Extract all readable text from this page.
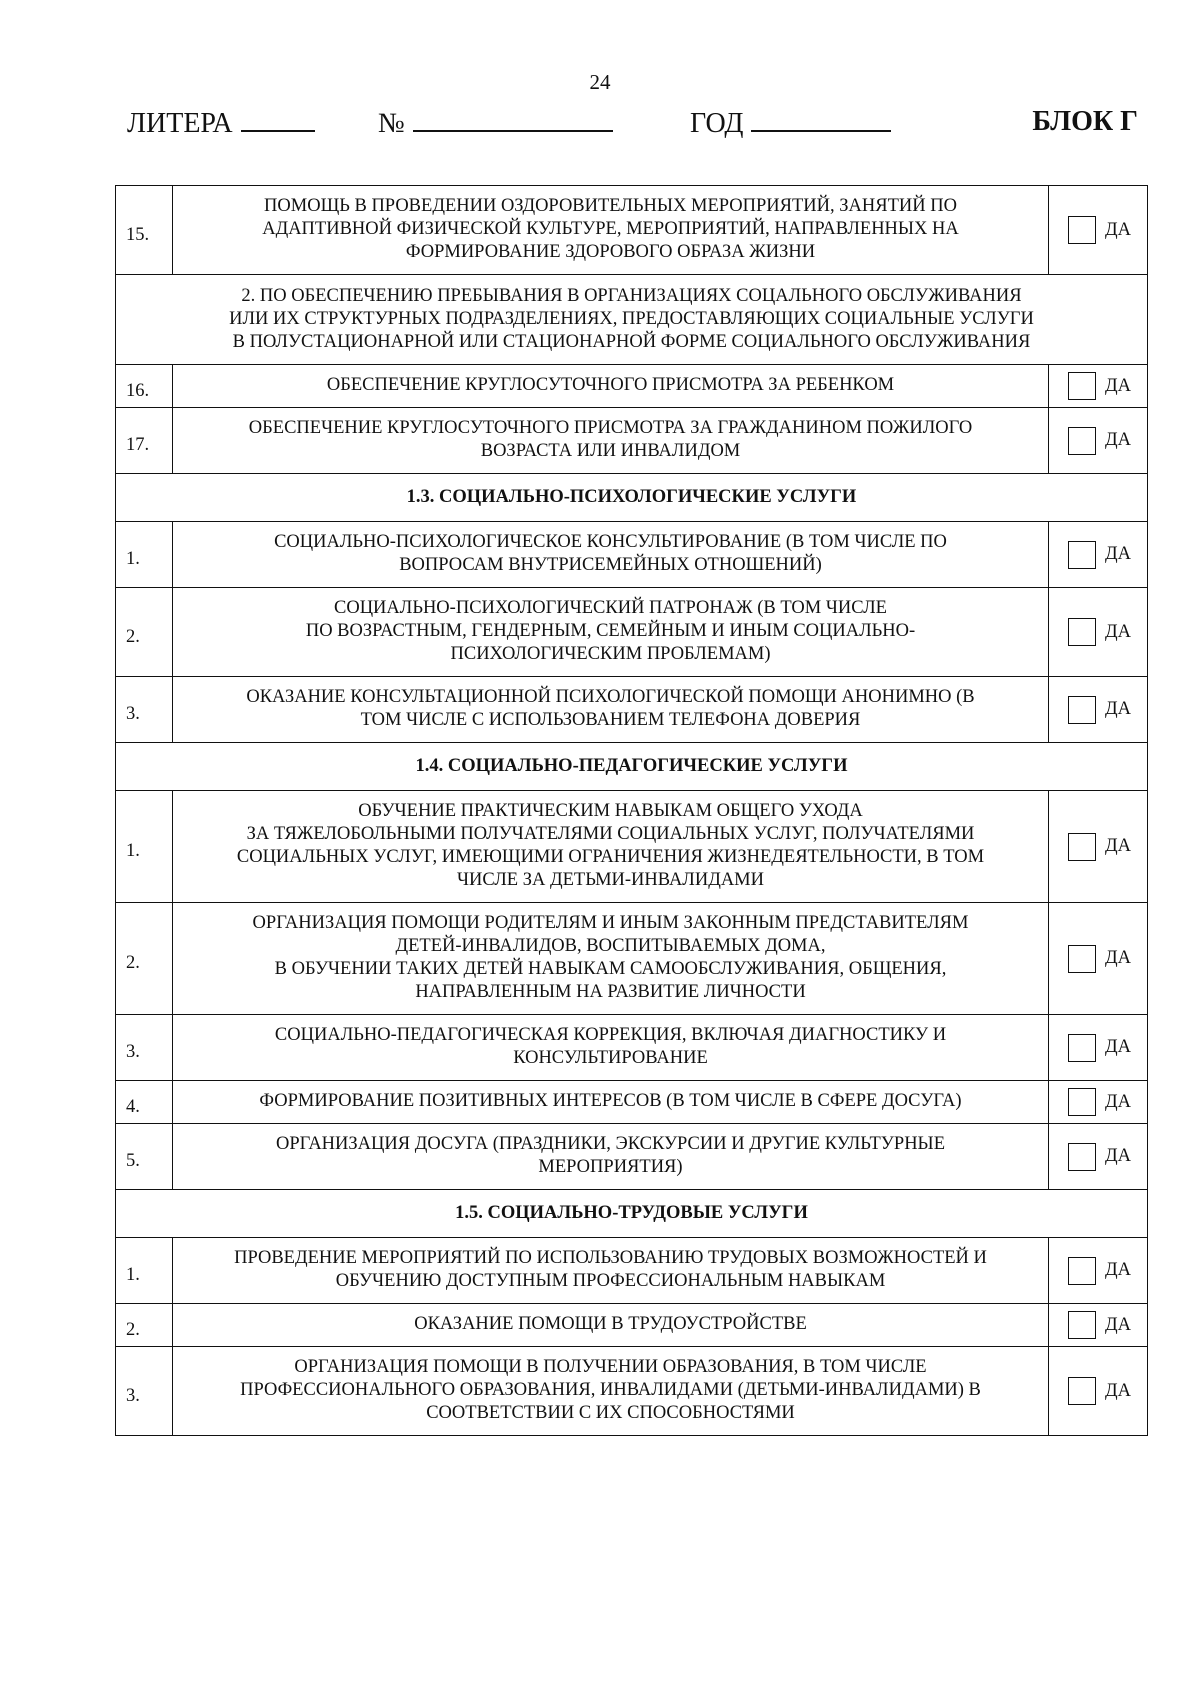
24
ЛИТЕРА	№	ГОД	БЛОК Г
15.	ПОМОЩЬ В ПРОВЕДЕНИИ ОЗДОРОВИТЕЛЬНЫХ МЕРОПРИЯТИЙ, ЗАНЯТИЙ ПО
АДАПТИВНОЙ ФИЗИЧЕСКОЙ КУЛЬТУРЕ, МЕРОПРИЯТИЙ, НАПРАВЛЕННЫХ НА
ФОРМИРОВАНИЕ ЗДОРОВОГО ОБРАЗА ЖИЗНИ	ДА

2. ПО ОБЕСПЕЧЕНИЮ ПРЕБЫВАНИЯ В ОРГАНИЗАЦИЯХ СОЦАЛЬНОГО ОБСЛУЖИВАНИЯ
ИЛИ ИХ СТРУКТУРНЫХ ПОДРАЗДЕЛЕНИЯХ, ПРЕДОСТАВЛЯЮЩИХ СОЦИАЛЬНЫЕ УСЛУГИ
В ПОЛУСТАЦИОНАРНОЙ ИЛИ СТАЦИОНАРНОЙ ФОРМЕ СОЦИАЛЬНОГО ОБСЛУЖИВАНИЯ		

16.	ОБЕСПЕЧЕНИЕ КРУГЛОСУТОЧНОГО ПРИСМОТРА ЗА РЕБЕНКОМ	ДА

17.	ОБЕСПЕЧЕНИЕ КРУГЛОСУТОЧНОГО ПРИСМОТРА ЗА ГРАЖДАНИНОМ ПОЖИЛОГО
ВОЗРАСТА ИЛИ ИНВАЛИДОМ	ДА

1.3. СОЦИАЛЬНО-ПСИХОЛОГИЧЕСКИЕ УСЛУГИ		

1.	СОЦИАЛЬНО-ПСИХОЛОГИЧЕСКОЕ КОНСУЛЬТИРОВАНИЕ (В ТОМ ЧИСЛЕ ПО
ВОПРОСАМ ВНУТРИСЕМЕЙНЫХ ОТНОШЕНИЙ)	ДА

2.	СОЦИАЛЬНО-ПСИХОЛОГИЧЕСКИЙ ПАТРОНАЖ (В ТОМ ЧИСЛЕ
ПО ВОЗРАСТНЫМ, ГЕНДЕРНЫМ, СЕМЕЙНЫМ И ИНЫМ СОЦИАЛЬНО-
ПСИХОЛОГИЧЕСКИМ ПРОБЛЕМАМ)	ДА

3.	ОКАЗАНИЕ КОНСУЛЬТАЦИОННОЙ ПСИХОЛОГИЧЕСКОЙ ПОМОЩИ АНОНИМНО (В
ТОМ ЧИСЛЕ С ИСПОЛЬЗОВАНИЕМ ТЕЛЕФОНА ДОВЕРИЯ	ДА

1.4. СОЦИАЛЬНО-ПЕДАГОГИЧЕСКИЕ УСЛУГИ		

1.	ОБУЧЕНИЕ ПРАКТИЧЕСКИМ НАВЫКАМ ОБЩЕГО УХОДА
ЗА ТЯЖЕЛОБОЛЬНЫМИ ПОЛУЧАТЕЛЯМИ СОЦИАЛЬНЫХ УСЛУГ, ПОЛУЧАТЕЛЯМИ
СОЦИАЛЬНЫХ УСЛУГ, ИМЕЮЩИМИ ОГРАНИЧЕНИЯ ЖИЗНЕДЕЯТЕЛЬНОСТИ, В ТОМ
ЧИСЛЕ ЗА ДЕТЬМИ-ИНВАЛИДАМИ	ДА

2.	ОРГАНИЗАЦИЯ ПОМОЩИ РОДИТЕЛЯМ И ИНЫМ ЗАКОННЫМ ПРЕДСТАВИТЕЛЯМ
ДЕТЕЙ-ИНВАЛИДОВ, ВОСПИТЫВАЕМЫХ ДОМА,
В ОБУЧЕНИИ ТАКИХ ДЕТЕЙ НАВЫКАМ САМООБСЛУЖИВАНИЯ, ОБЩЕНИЯ,
НАПРАВЛЕННЫМ НА РАЗВИТИЕ ЛИЧНОСТИ	ДА

3.	СОЦИАЛЬНО-ПЕДАГОГИЧЕСКАЯ КОРРЕКЦИЯ, ВКЛЮЧАЯ ДИАГНОСТИКУ И
КОНСУЛЬТИРОВАНИЕ	ДА

4.	ФОРМИРОВАНИЕ ПОЗИТИВНЫХ ИНТЕРЕСОВ (В ТОМ ЧИСЛЕ В СФЕРЕ ДОСУГА)	ДА

5.	ОРГАНИЗАЦИЯ ДОСУГА (ПРАЗДНИКИ, ЭКСКУРСИИ И ДРУГИЕ КУЛЬТУРНЫЕ
МЕРОПРИЯТИЯ)	ДА

1.5. СОЦИАЛЬНО-ТРУДОВЫЕ УСЛУГИ		

1.	ПРОВЕДЕНИЕ МЕРОПРИЯТИЙ ПО ИСПОЛЬЗОВАНИЮ ТРУДОВЫХ ВОЗМОЖНОСТЕЙ И
ОБУЧЕНИЮ ДОСТУПНЫМ ПРОФЕССИОНАЛЬНЫМ НАВЫКАМ	ДА

2.	ОКАЗАНИЕ ПОМОЩИ В ТРУДОУСТРОЙСТВЕ	ДА

3.	ОРГАНИЗАЦИЯ ПОМОЩИ В ПОЛУЧЕНИИ ОБРАЗОВАНИЯ, В ТОМ ЧИСЛЕ
ПРОФЕССИОНАЛЬНОГО ОБРАЗОВАНИЯ, ИНВАЛИДАМИ (ДЕТЬМИ-ИНВАЛИДАМИ) В
СООТВЕТСТВИИ С ИХ СПОСОБНОСТЯМИ	ДА
